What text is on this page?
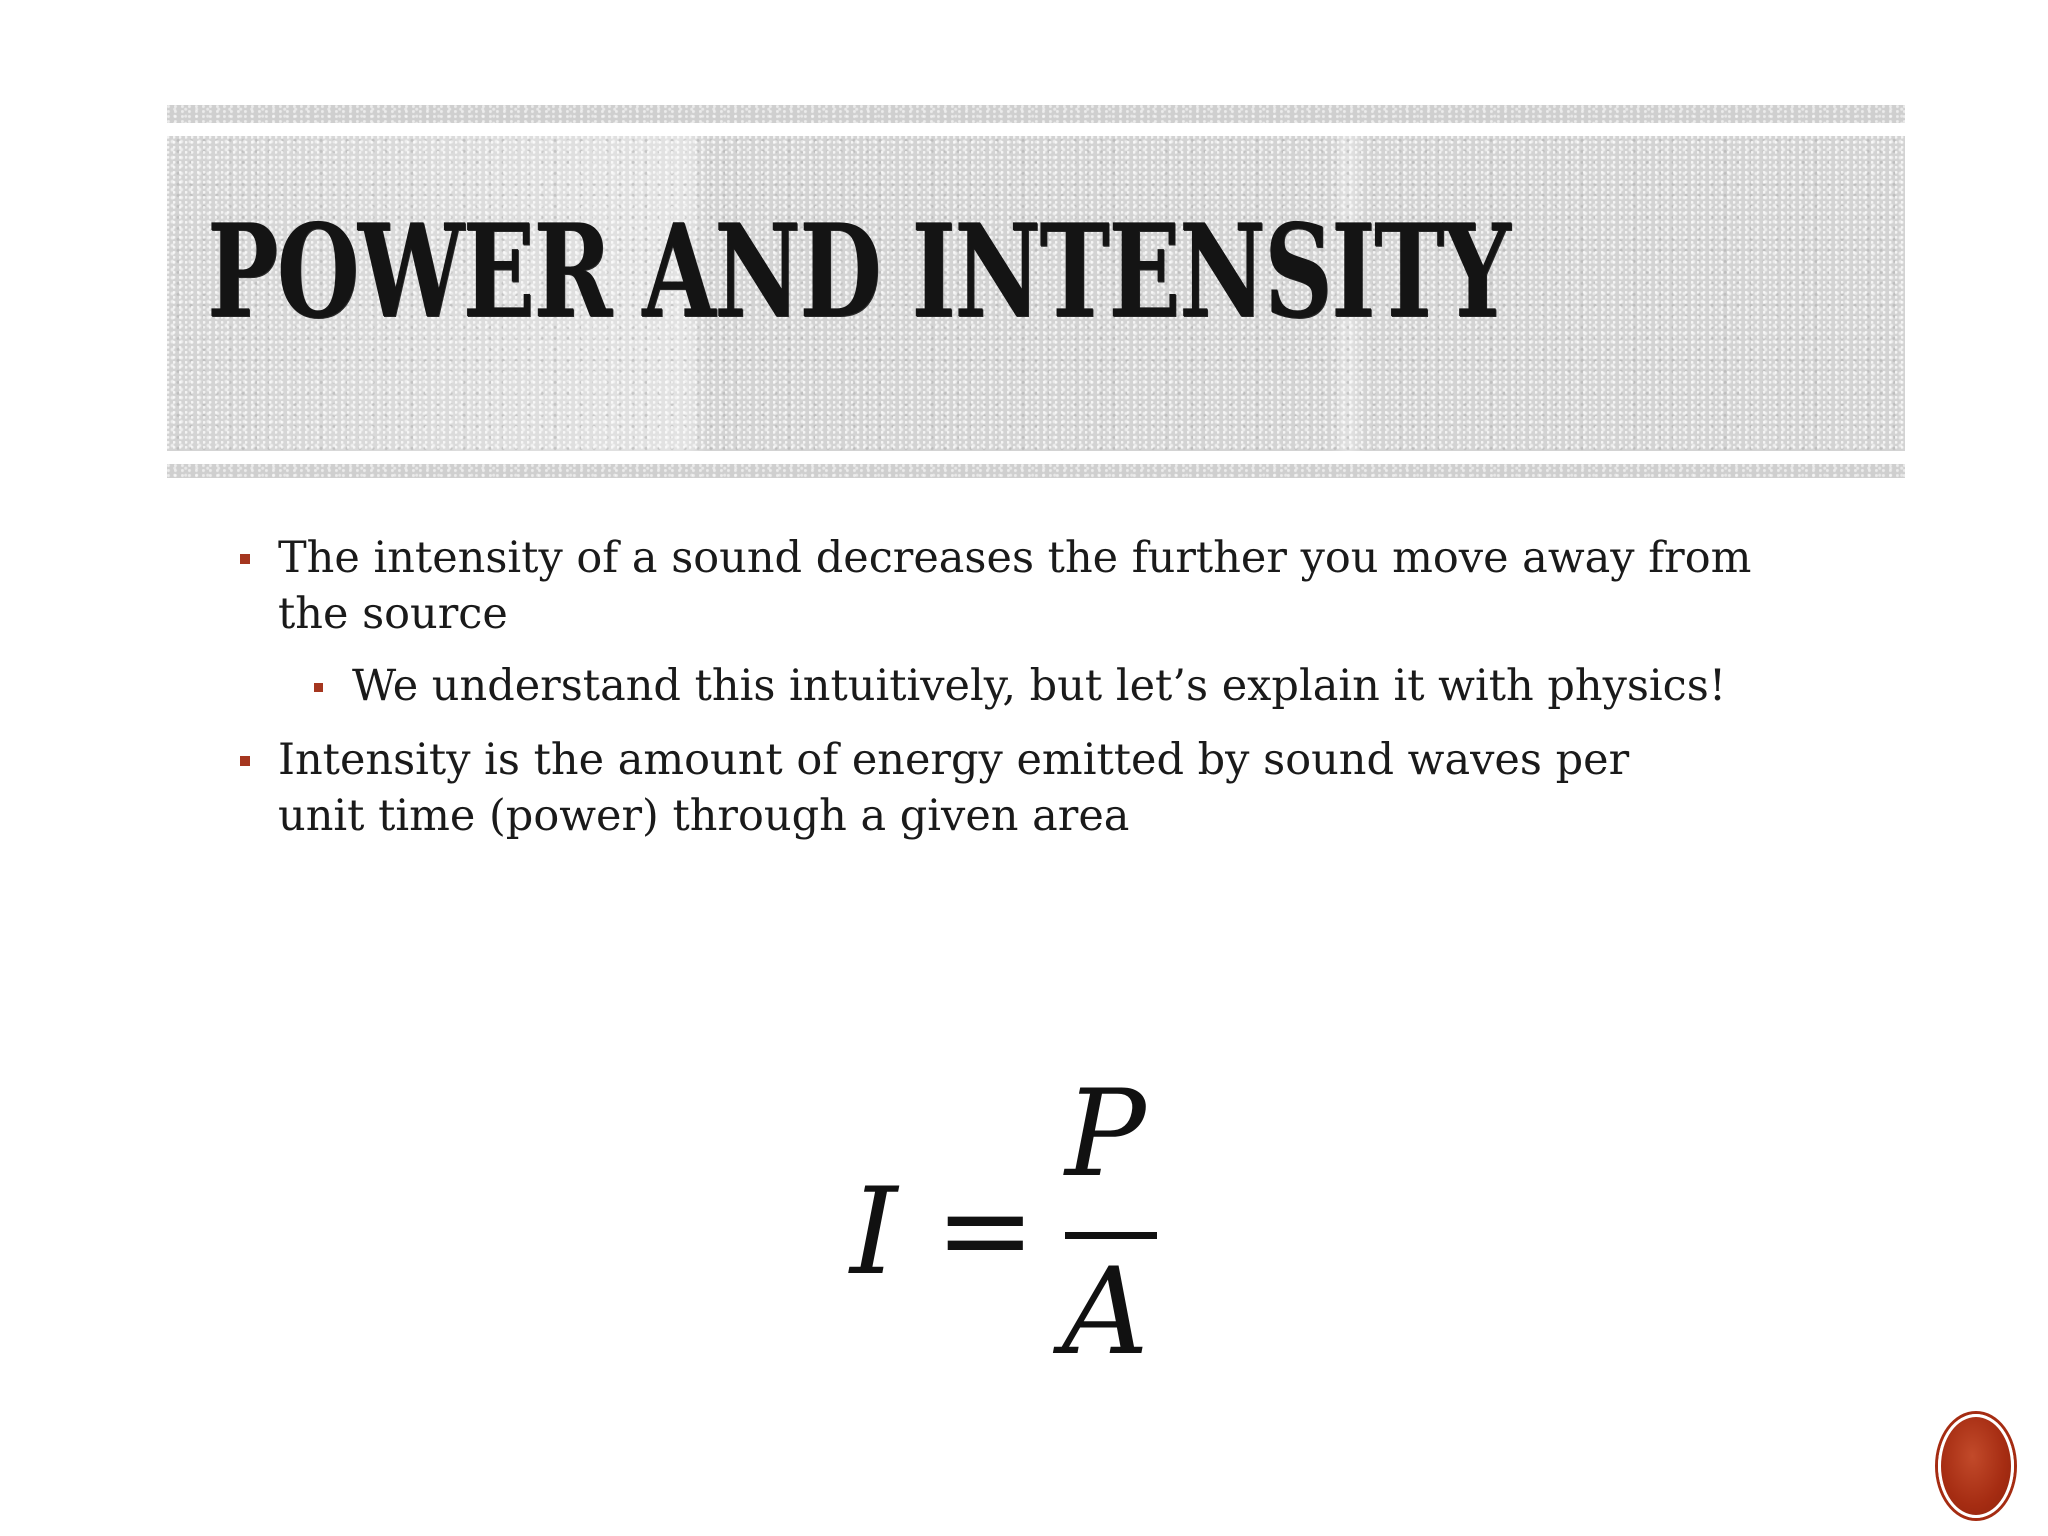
POWER AND INTENSITY
The intensity of a sound decreases the further you move away from
the source
We understand this intuitively, but let’s explain it with physics!
Intensity is the amount of energy emitted by sound waves per
unit time (power) through a given area
I =
P
A
